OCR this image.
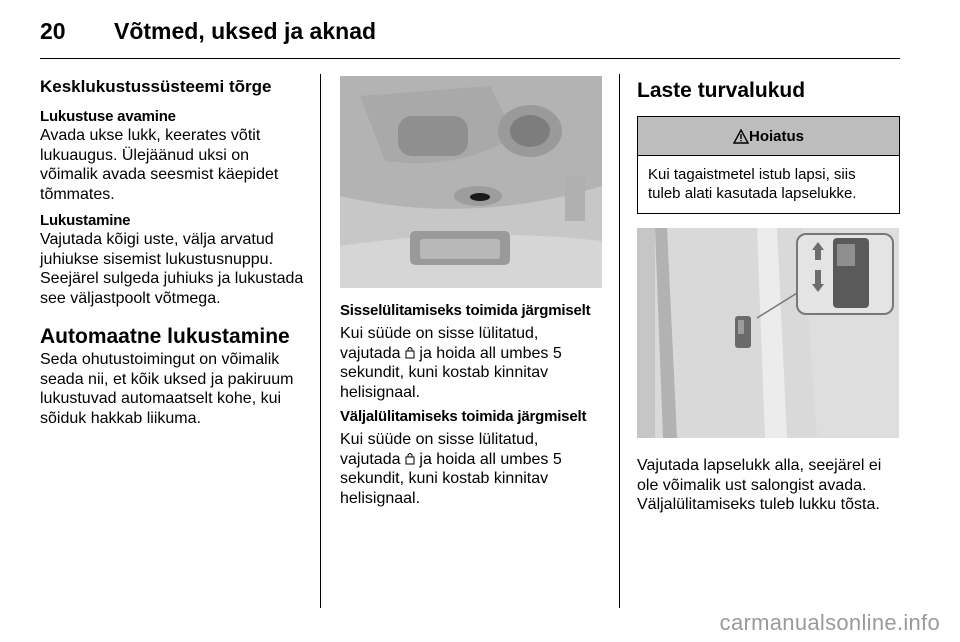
20 Võtmed, uksed ja aknad
Kesklukustussüsteemi tõrge
Lukustuse avamine

Avada ukse lukk, keerates võtit lukuaugus. Ülejäänud uksi on võimalik avada seesmist käepidet tõmmates.

Lukustamine

Vajutada kõigi uste, välja arvatud juhiukse sisemist lukustusnuppu. Seejärel sulgeda juhiuks ja lukustada see väljastpoolt võtmega.

Automaatne lukustamine

Seda ohutustoimingut on võimalik seada nii, et kõik uksed ja pakiruum lukustuvad automaatselt kohe, kui sõiduk hakkab liikuma.

Sisselülitamiseks toimida järgmiselt

Kui süüde on sisse lülitatud, vajutada ja hoida all umbes 5 sekundit, kuni kostab kinnitav helisignaal.

Väljalülitamiseks toimida järgmiselt

Kui süüde on sisse lülitatud, vajutada ja hoida all umbes 5 sekundit, kuni kostab kinnitav helisignaal.

Laste turvalukud
Hoiatus
Kui tagaistmetel istub lapsi, siis tuleb alati kasutada lapselukke.

Vajutada lapselukk alla, seejärel ei ole võimalik ust salongist avada. Väljalülitamiseks tuleb lukku tõsta.

carmanualsonline.info
